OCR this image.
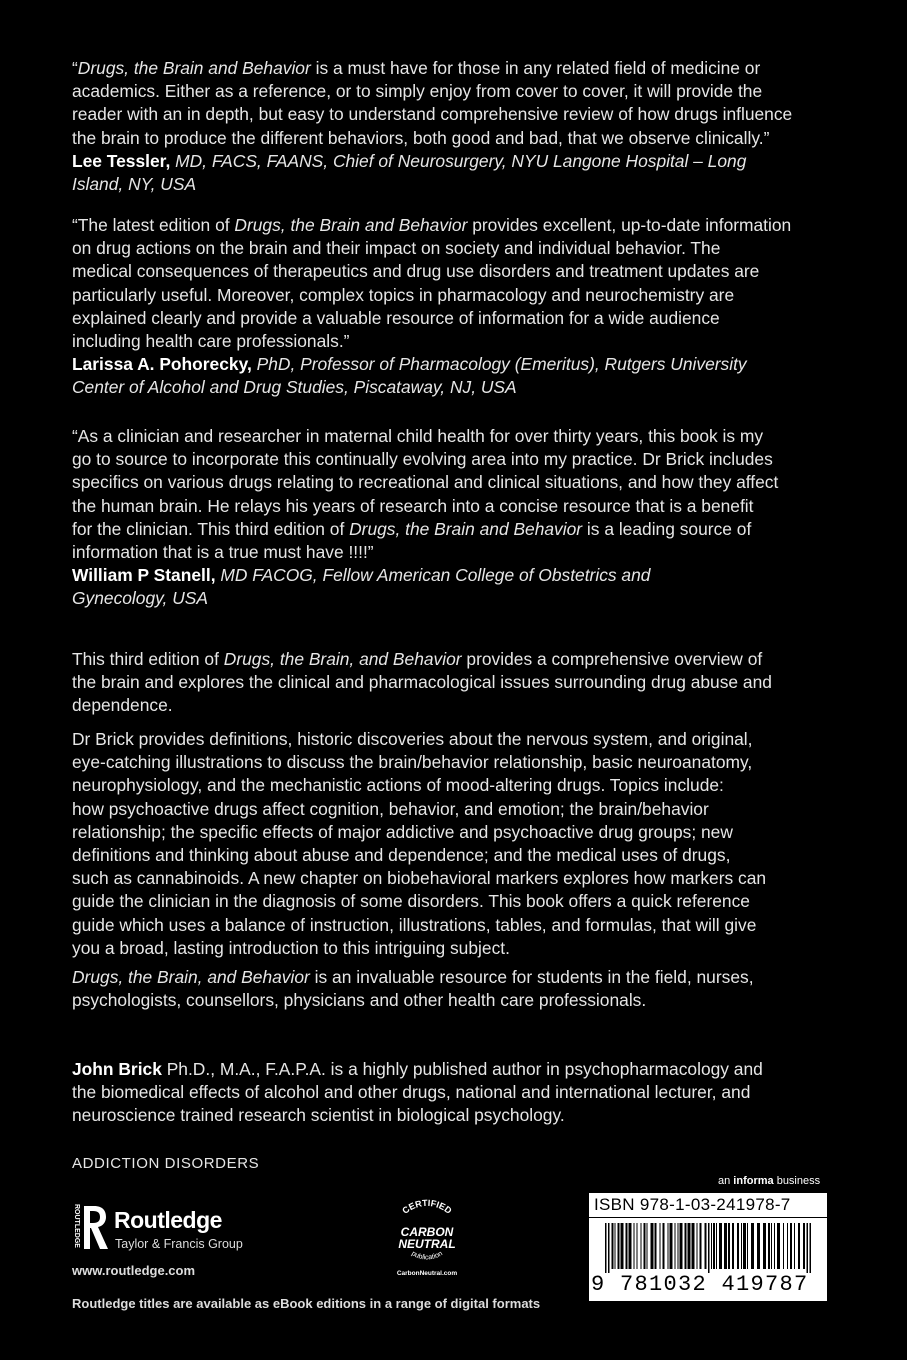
“Drugs, the Brain and Behavior is a must have for those in any related field of medicine or

academics. Either as a reference, or to simply enjoy from cover to cover, it will provide the

reader with an in depth, but easy to understand comprehensive review of how drugs influence

the brain to produce the different behaviors, both good and bad, that we observe clinically.”

Lee Tessler, MD, FACS, FAANS, Chief of Neurosurgery, NYU Langone Hospital – Long

Island, NY, USA

“The latest edition of Drugs, the Brain and Behavior provides excellent, up-to-date information

on drug actions on the brain and their impact on society and individual behavior. The

medical consequences of therapeutics and drug use disorders and treatment updates are

particularly useful. Moreover, complex topics in pharmacology and neurochemistry are

explained clearly and provide a valuable resource of information for a wide audience

including health care professionals.”

Larissa A. Pohorecky, PhD, Professor of Pharmacology (Emeritus), Rutgers University

Center of Alcohol and Drug Studies, Piscataway, NJ, USA

“As a clinician and researcher in maternal child health for over thirty years, this book is my

go to source to incorporate this continually evolving area into my practice. Dr Brick includes

specifics on various drugs relating to recreational and clinical situations, and how they affect

the human brain. He relays his years of research into a concise resource that is a benefit

for the clinician. This third edition of Drugs, the Brain and Behavior is a leading source of

information that is a true must have !!!!”

William P Stanell, MD FACOG, Fellow American College of Obstetrics and

Gynecology, USA

This third edition of Drugs, the Brain, and Behavior provides a comprehensive overview of

the brain and explores the clinical and pharmacological issues surrounding drug abuse and

dependence.

Dr Brick provides definitions, historic discoveries about the nervous system, and original,

eye-catching illustrations to discuss the brain/behavior relationship, basic neuroanatomy,

neurophysiology, and the mechanistic actions of mood-altering drugs. Topics include:

how psychoactive drugs affect cognition, behavior, and emotion; the brain/behavior

relationship; the specific effects of major addictive and psychoactive drug groups; new

definitions and thinking about abuse and dependence; and the medical uses of drugs,

such as cannabinoids. A new chapter on biobehavioral markers explores how markers can

guide the clinician in the diagnosis of some disorders. This book offers a quick reference

guide which uses a balance of instruction, illustrations, tables, and formulas, that will give

you a broad, lasting introduction to this intriguing subject.

Drugs, the Brain, and Behavior is an invaluable resource for students in the field, nurses,

psychologists, counsellors, physicians and other health care professionals.

John Brick Ph.D., M.A., F.A.P.A. is a highly published author in psychopharmacology and

the biomedical effects of alcohol and other drugs, national and international lecturer, and

neuroscience trained research scientist in biological psychology.

ADDICTION DISORDERS
ROUTLEDGE Routledge
Taylor & Francis Group
www.routledge.com
CERTIFIED
CARBON
NEUTRAL
publication
CarbonNeutral.com
an informa business
ISBN 978-1-03-241978-7
9 781032 419787
Routledge titles are available as eBook editions in a range of digital formats
